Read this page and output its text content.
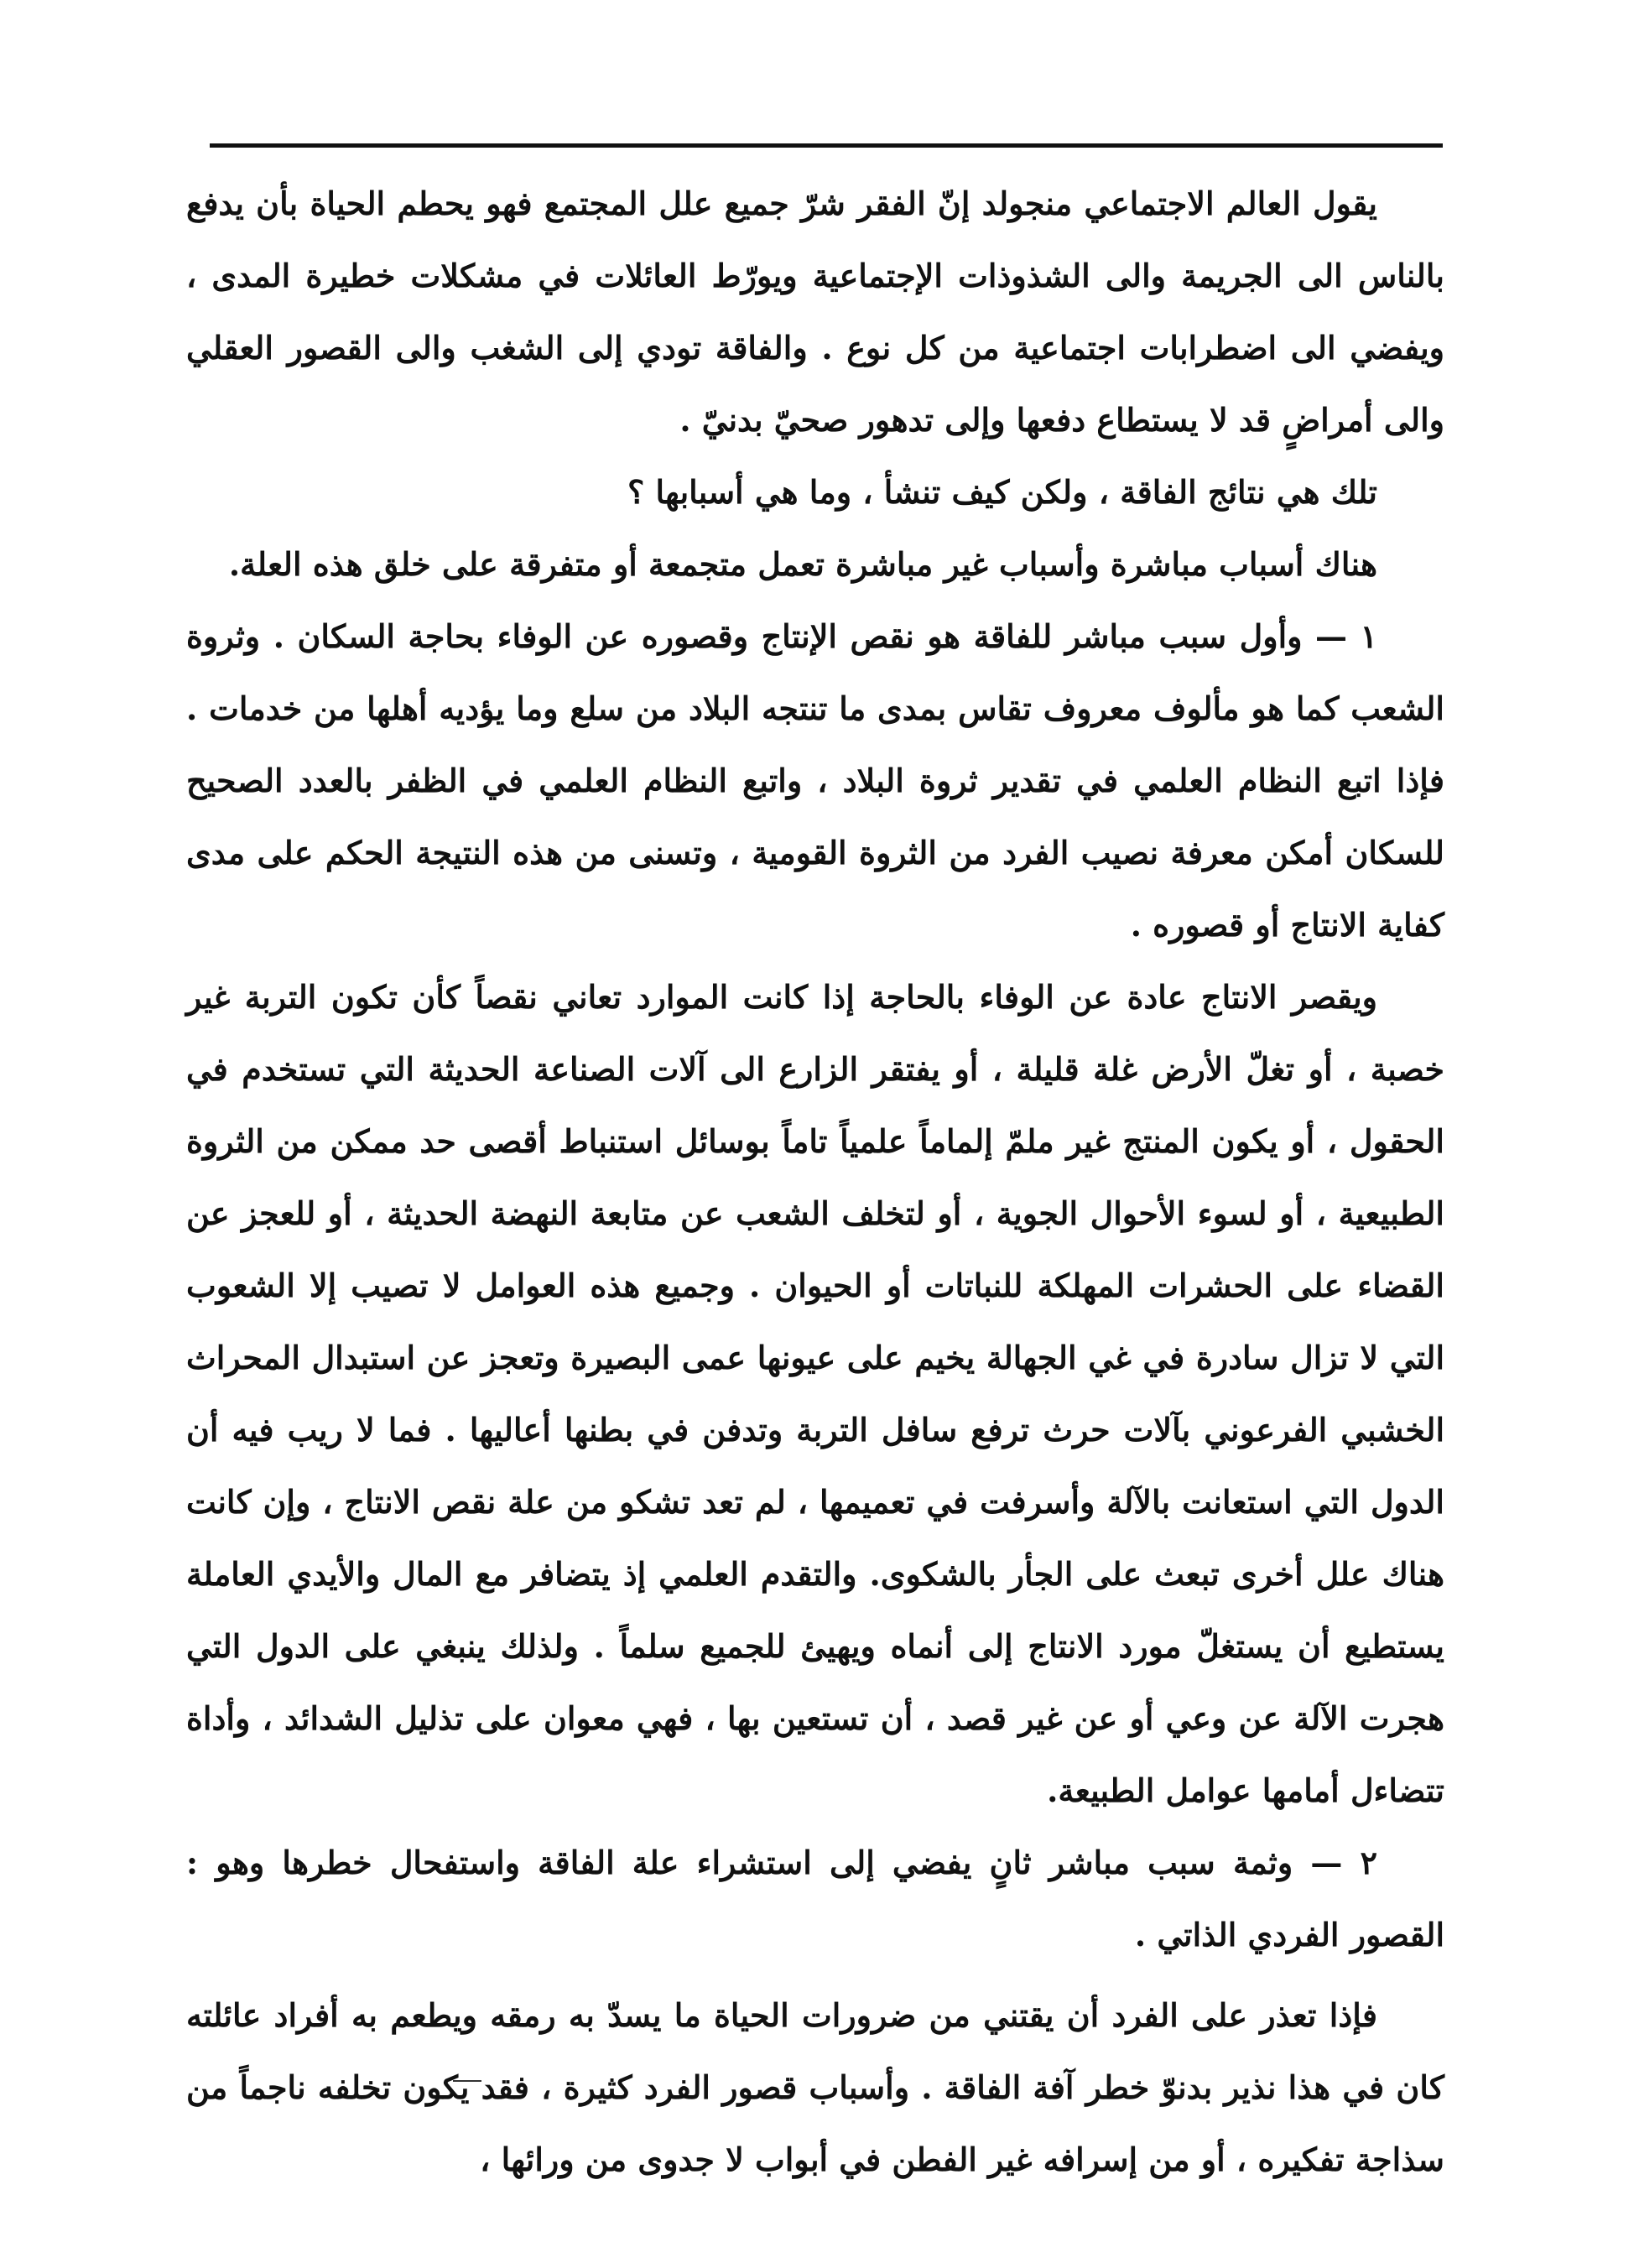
يقول العالم الاجتماعي منجولد إنّ الفقر شرّ جميع علل المجتمع فهو يحطم الحياة بأن يدفع بالناس الى الجريمة والى الشذوذات الإجتماعية ويورّط العائلات في مشكلات خطيرة المدى ، ويفضي الى اضطرابات اجتماعية من كل نوع . والفاقة تودي إلى الشغب والى القصور العقلي والى أمراضٍ قد لا يستطاع دفعها وإلى تدهور صحيّ بدنيّ .

تلك هي نتائج الفاقة ، ولكن كيف تنشأ ، وما هي أسبابها ؟

هناك أسباب مباشرة وأسباب غير مباشرة تعمل متجمعة أو متفرقة على خلق هذه العلة.

١ — وأول سبب مباشر للفاقة هو نقص الإنتاج وقصوره عن الوفاء بحاجة السكان . وثروة الشعب كما هو مألوف معروف تقاس بمدى ما تنتجه البلاد من سلع وما يؤديه أهلها من خدمات . فإذا اتبع النظام العلمي في تقدير ثروة البلاد ، واتبع النظام العلمي في الظفر بالعدد الصحيح للسكان أمكن معرفة نصيب الفرد من الثروة القومية ، وتسنى من هذه النتيجة الحكم على مدى كفاية الانتاج أو قصوره .

ويقصر الانتاج عادة عن الوفاء بالحاجة إذا كانت الموارد تعاني نقصاً كأن تكون التربة غير خصبة ، أو تغلّ الأرض غلة قليلة ، أو يفتقر الزارع الى آلات الصناعة الحديثة التي تستخدم في الحقول ، أو يكون المنتج غير ملمّ إلماماً علمياً تاماً بوسائل استنباط أقصى حد ممكن من الثروة الطبيعية ، أو لسوء الأحوال الجوية ، أو لتخلف الشعب عن متابعة النهضة الحديثة ، أو للعجز عن القضاء على الحشرات المهلكة للنباتات أو الحيوان . وجميع هذه العوامل لا تصيب إلا الشعوب التي لا تزال سادرة في غي الجهالة يخيم على عيونها عمى البصيرة وتعجز عن استبدال المحراث الخشبي الفرعوني بآلات حرث ترفع سافل التربة وتدفن في بطنها أعاليها . فما لا ريب فيه أن الدول التي استعانت بالآلة وأسرفت في تعميمها ، لم تعد تشكو من علة نقص الانتاج ، وإن كانت هناك علل أخرى تبعث على الجأر بالشكوى. والتقدم العلمي إذ يتضافر مع المال والأيدي العاملة يستطيع أن يستغلّ مورد الانتاج إلى أنماه ويهيئ للجميع سلماً . ولذلك ينبغي على الدول التي هجرت الآلة عن وعي أو عن غير قصد ، أن تستعين بها ، فهي معوان على تذليل الشدائد ، وأداة تتضاءل أمامها عوامل الطبيعة.

٢ — وثمة سبب مباشر ثانٍ يفضي إلى استشراء علة الفاقة واستفحال خطرها وهو : القصور الفردي الذاتي .

فإذا تعذر على الفرد أن يقتني من ضرورات الحياة ما يسدّ به رمقه ويطعم به أفراد عائلته كان في هذا نذير بدنوّ خطر آفة الفاقة . وأسباب قصور الفرد كثيرة ، فقد يكون تخلفه ناجماً من سذاجة تفكيره ، أو من إسرافه غير الفطن في أبواب لا جدوى من ورائها ،
